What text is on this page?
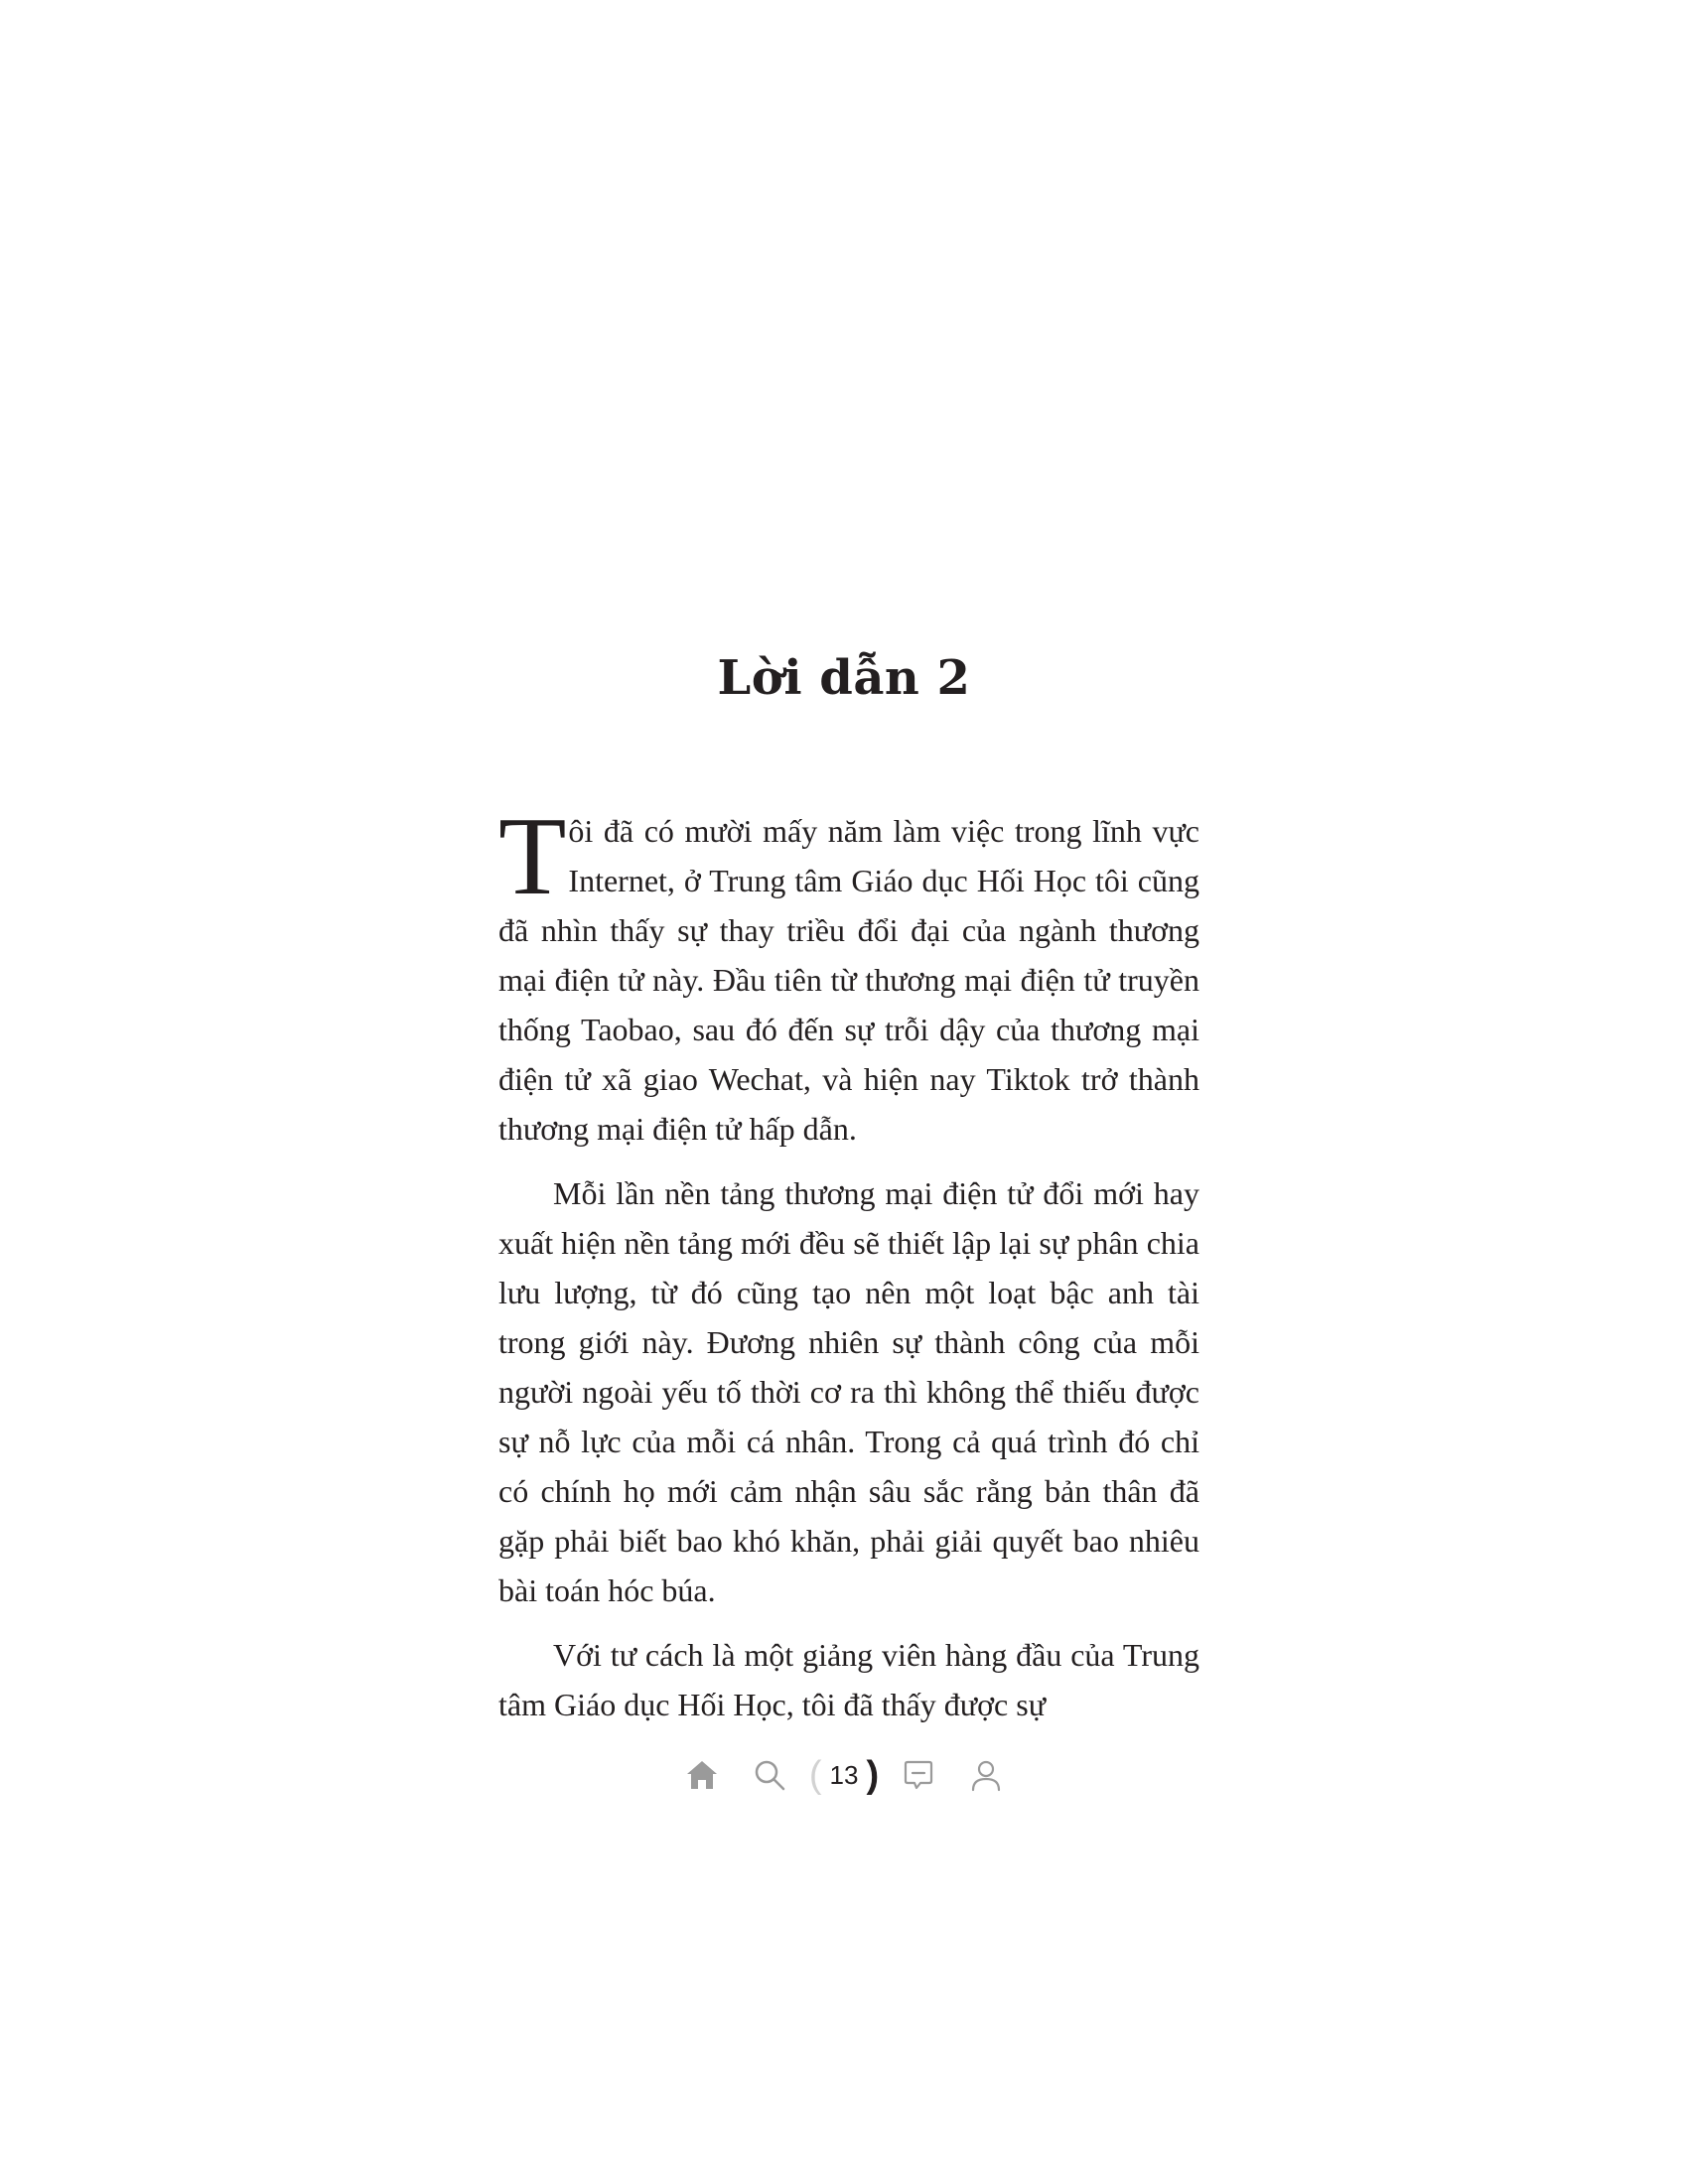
Lời dẫn 2

Tôi đã có mười mấy năm làm việc trong lĩnh vực Internet, ở Trung tâm Giáo dục Hối Học tôi cũng đã nhìn thấy sự thay triều đổi đại của ngành thương mại điện tử này. Đầu tiên từ thương mại điện tử truyền thống Taobao, sau đó đến sự trỗi dậy của thương mại điện tử xã giao Wechat, và hiện nay Tiktok trở thành thương mại điện tử hấp dẫn.

Mỗi lần nền tảng thương mại điện tử đổi mới hay xuất hiện nền tảng mới đều sẽ thiết lập lại sự phân chia lưu lượng, từ đó cũng tạo nên một loạt bậc anh tài trong giới này. Đương nhiên sự thành công của mỗi người ngoài yếu tố thời cơ ra thì không thể thiếu được sự nỗ lực của mỗi cá nhân. Trong cả quá trình đó chỉ có chính họ mới cảm nhận sâu sắc rằng bản thân đã gặp phải biết bao khó khăn, phải giải quyết bao nhiêu bài toán hóc búa.

Với tư cách là một giảng viên hàng đầu của Trung tâm Giáo dục Hối Học, tôi đã thấy được sự

( 13 )
